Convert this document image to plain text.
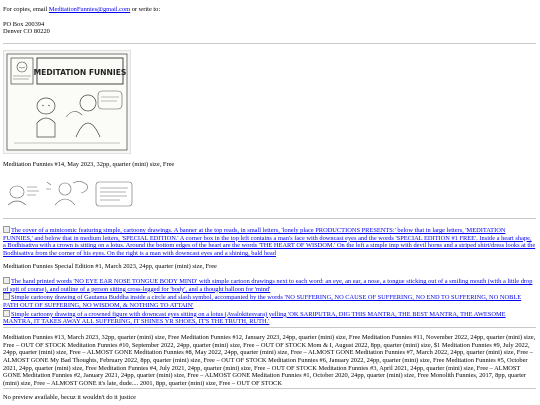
For copies, email MeditationFunnies@gmail.com or write to:

PO Box 200394

Denver CO 80220

MEDITATION FUNNIES

Meditation Funnies #14, May 2023, 32pp, quarter (mini) size, Free

The cover of a minicomic featuring simple, cartoony drawings. A banner at the top reads, in small letters, 'lonely place PRODUCTIONS PRESENTS:' below that in large letters, 'MEDITATION FUNNIES,' and below that in medium letters, 'SPECIAL EDITION.' A corner box in the top left contains a man's face with downcast eyes and the words 'SPECIAL EDITION #1 FREE'. Inside a heart shape, a Bodhisattva with a crown is sitting on a lotus. Around the bottom edges of the heart are the words 'THE HEART OF WISDOM.' On the left a simple imp with devil horns and a striped shirt/dress looks at the Bodhisattva from the corner of his eyes. On the right is a man with downcast eyes and a shining, bald head

Meditation Funnies Special Edition #1, March 2023, 24pp, quarter (mini) size, Free

The hand printed words 'NO EYE EAR NOSE TONGUE BODY MIND' with simple cartoon drawings next to each word: an eye, an ear, a nose, a tongue sticking out of a smiling mouth (with a little drop of spit of course), and outline of a person sitting cross-legged for 'body', and a thought balloon for 'mind'
Simple cartoony drawing of Gautama Buddha inside a circle and slash symbol, accompanied by the words 'NO SUFFERING, NO CAUSE OF SUFFERING, NO END TO SUFFERING, NO NOBLE PATH OUT OF SUFFERING, NO WISDOM, & NOTHING TO ATTAIN'
Simple cartoony drawing of a crowned figure with downcast eyes sitting on a lotus (Avalokitesvara) yelling 'OK SARIPUTRA, DIG THIS MANTRA, THE BEST MANTRA, THE AWESOME MANTRA, IT TAKES AWAY ALL SUFFERING, IT SHINES YR SHOES, IT'S THE TRUTH, RUTH.'

Meditation Funnies #13, March 2023, 32pp, quarter (mini) size, Free Meditation Funnies #12, January 2023, 24pp, quarter (mini) size, Free Meditation Funnies #11, November 2022, 24pp, quarter (mini) size, Free – OUT OF STOCK Meditation Funnies #10, September 2022, 24pp, quarter (mini) size, Free – OUT OF STOCK Mom & I, August 2022, 8pp, quarter (mini) size, $1 Meditation Funnies #9, July 2022, 24pp, quarter (mini) size, Free – ALMOST GONE Meditation Funnies #8, May 2022, 24pp, quarter (mini) size, Free – ALMOST GONE Meditation Funnies #7, March 2022, 24pp, quarter (mini) size, Free – ALMOST GONE My Bad Thoughts, February 2022, 8pp, quarter (mini) size, Free – OUT OF STOCK Meditation Funnies #6, January 2022, 24pp, quarter (mini) size, Free Meditation Funnies #5, October 2021, 24pp, quarter (mini) size, Free Meditation Funnies #4, July 2021, 24pp, quarter (mini) size, Free – OUT OF STOCK Meditation Funnies #3, April 2021, 24pp, quarter (mini) size, Free – ALMOST GONE Meditation Funnies #2, January 2021, 24pp, quarter (mini) size, Free – ALMOST GONE Meditation Funnies #1, October 2020, 24pp, quarter (mini) size, Free Monolith Funnies, 2017, 8pp, quarter (mini) size, Free – ALMOST GONE it's late, dude.... 2001, 8pp, quarter (mini) size, Free – OUT OF STOCK

No preview available, becuz it wouldn't do it justice
